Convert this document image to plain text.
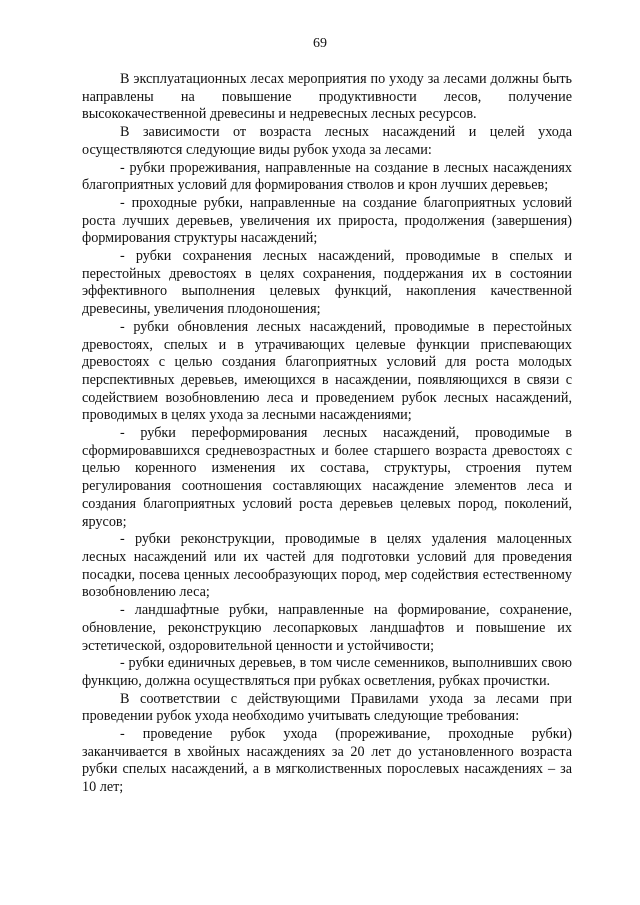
69

В эксплуатационных лесах мероприятия по уходу за лесами должны быть направлены на повышение продуктивности лесов, получение высококачественной древесины и недревесных лесных ресурсов.

В зависимости от возраста лесных насаждений и целей ухода осуществляются следующие виды рубок ухода за лесами:

- рубки прореживания, направленные на создание в лесных насаждениях благоприятных условий для формирования стволов и крон лучших деревьев;

- проходные рубки, направленные на создание благоприятных условий роста лучших деревьев, увеличения их прироста, продолжения (завершения) формирования структуры насаждений;

- рубки сохранения лесных насаждений, проводимые в спелых и перестойных древостоях в целях сохранения, поддержания их в состоянии эффективного выполнения целевых функций, накопления качественной древесины, увеличения плодоношения;

- рубки обновления лесных насаждений, проводимые в перестойных древостоях, спелых и в утрачивающих целевые функции приспевающих древостоях с целью создания благоприятных условий для роста молодых перспективных деревьев, имеющихся в насаждении, появляющихся в связи с содействием возобновлению леса и проведением рубок лесных насаждений, проводимых в целях ухода за лесными насаждениями;

- рубки переформирования лесных насаждений, проводимые в сформировавшихся средневозрастных и более старшего возраста древостоях с целью коренного изменения их состава, структуры, строения путем регулирования соотношения составляющих насаждение элементов леса и создания благоприятных условий роста деревьев целевых пород, поколений, ярусов;

- рубки реконструкции, проводимые в целях удаления малоценных лесных насаждений или их частей для подготовки условий для проведения посадки, посева ценных лесообразующих пород, мер содействия естественному возобновлению леса;

- ландшафтные рубки, направленные на формирование, сохранение, обновление, реконструкцию лесопарковых ландшафтов и повышение их эстетической, оздоровительной ценности и устойчивости;

- рубки единичных деревьев, в том числе семенников, выполнивших свою функцию, должна осуществляться при рубках осветления, рубках прочистки.

В соответствии с действующими Правилами ухода за лесами при проведении рубок ухода необходимо учитывать следующие требования:

- проведение рубок ухода (прореживание, проходные рубки) заканчивается в хвойных насаждениях за 20 лет до установленного возраста рубки спелых насаждений, а в мягколиственных порослевых насаждениях – за 10 лет;
